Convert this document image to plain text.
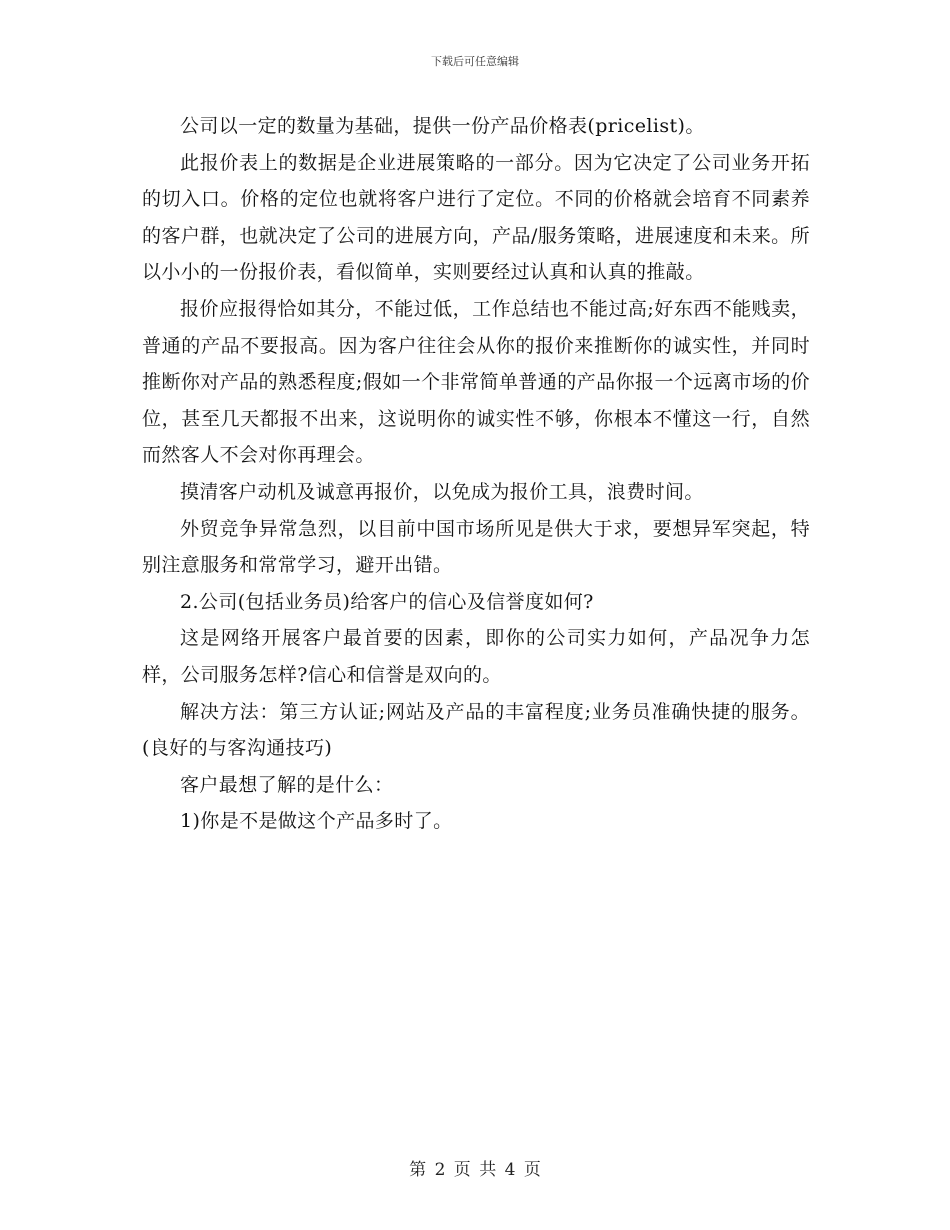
下载后可任意编辑

公司以一定的数量为基础，提供一份产品价格表(pricelist)。

此报价表上的数据是企业进展策略的一部分。因为它决定了公司业务开拓的切入口。价格的定位也就将客户进行了定位。不同的价格就会培育不同素养的客户群，也就决定了公司的进展方向，产品/服务策略，进展速度和未来。所以小小的一份报价表，看似简单，实则要经过认真和认真的推敲。

报价应报得恰如其分，不能过低，工作总结也不能过高;好东西不能贱卖，普通的产品不要报高。因为客户往往会从你的报价来推断你的诚实性，并同时推断你对产品的熟悉程度;假如一个非常简单普通的产品你报一个远离市场的价位，甚至几天都报不出来，这说明你的诚实性不够，你根本不懂这一行，自然而然客人不会对你再理会。

摸清客户动机及诚意再报价，以免成为报价工具，浪费时间。

外贸竞争异常急烈，以目前中国市场所见是供大于求，要想异军突起，特别注意服务和常常学习，避开出错。

2.公司(包括业务员)给客户的信心及信誉度如何?

这是网络开展客户最首要的因素，即你的公司实力如何，产品况争力怎样，公司服务怎样?信心和信誉是双向的。

解决方法：第三方认证;网站及产品的丰富程度;业务员准确快捷的服务。(良好的与客沟通技巧)

客户最想了解的是什么：

1)你是不是做这个产品多时了。

第 2 页 共 4 页
